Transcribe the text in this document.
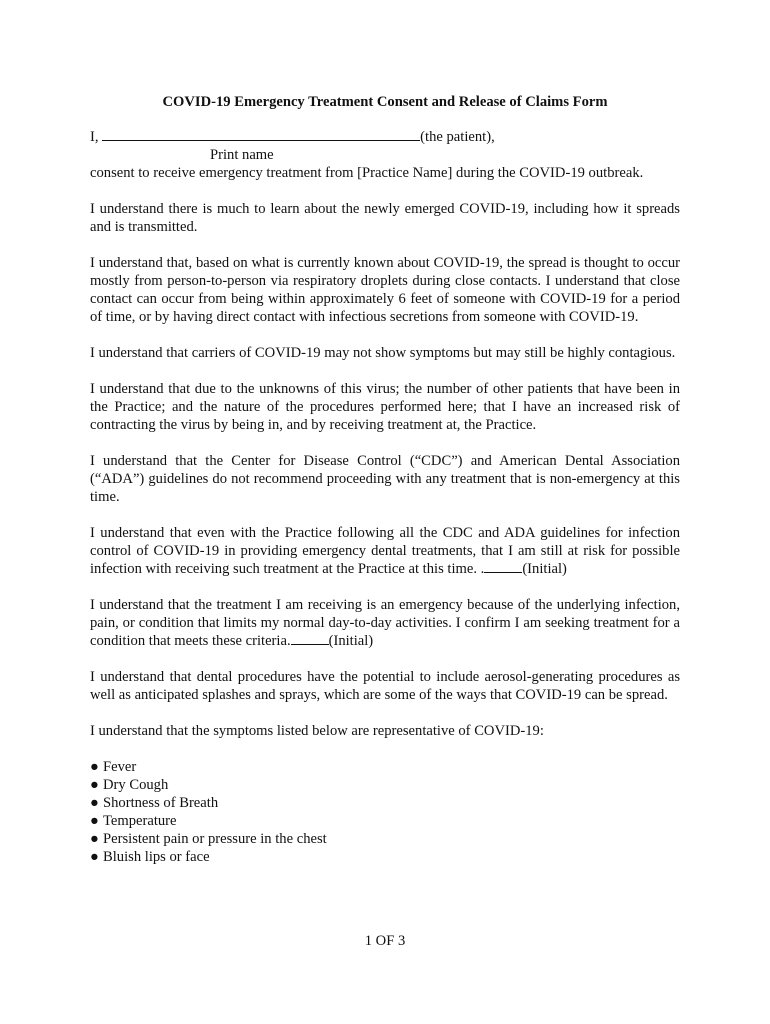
COVID-19 Emergency Treatment Consent and Release of Claims Form

I,	(the patient),

Print name

consent to receive emergency treatment from [Practice Name] during the COVID-19 outbreak.

I understand there is much to learn about the newly emerged COVID-19, including how it spreads and is transmitted.

I understand that, based on what is currently known about COVID-19, the spread is thought to occur mostly from person-to-person via respiratory droplets during close contacts. I understand that close contact can occur from being within approximately 6 feet of someone with COVID-19 for a period of time, or by having direct contact with infectious secretions from someone with COVID-19.

I understand that carriers of COVID-19 may not show symptoms but may still be highly contagious.

I understand that due to the unknowns of this virus; the number of other patients that have been in the Practice; and the nature of the procedures performed here; that I have an increased risk of contracting the virus by being in, and by receiving treatment at, the Practice.

I understand that the Center for Disease Control (“CDC”) and American Dental Association (“ADA”) guidelines do not recommend proceeding with any treatment that is non-emergency at this time.

I understand that even with the Practice following all the CDC and ADA guidelines for infection control of COVID-19 in providing emergency dental treatments, that I am still at risk for possible infection with receiving such treatment at the Practice at this time. .	(Initial)

I understand that the treatment I am receiving is an emergency because of the underlying infection, pain, or condition that limits my normal day-to-day activities. I confirm I am seeking treatment for a condition that meets these criteria.	(Initial)

I understand that dental procedures have the potential to include aerosol-generating procedures as well as anticipated splashes and sprays, which are some of the ways that COVID-19 can be spread.

I understand that the symptoms listed below are representative of COVID-19:

● Fever
● Dry Cough
● Shortness of Breath
● Temperature
● Persistent pain or pressure in the chest
● Bluish lips or face
1 OF 3
